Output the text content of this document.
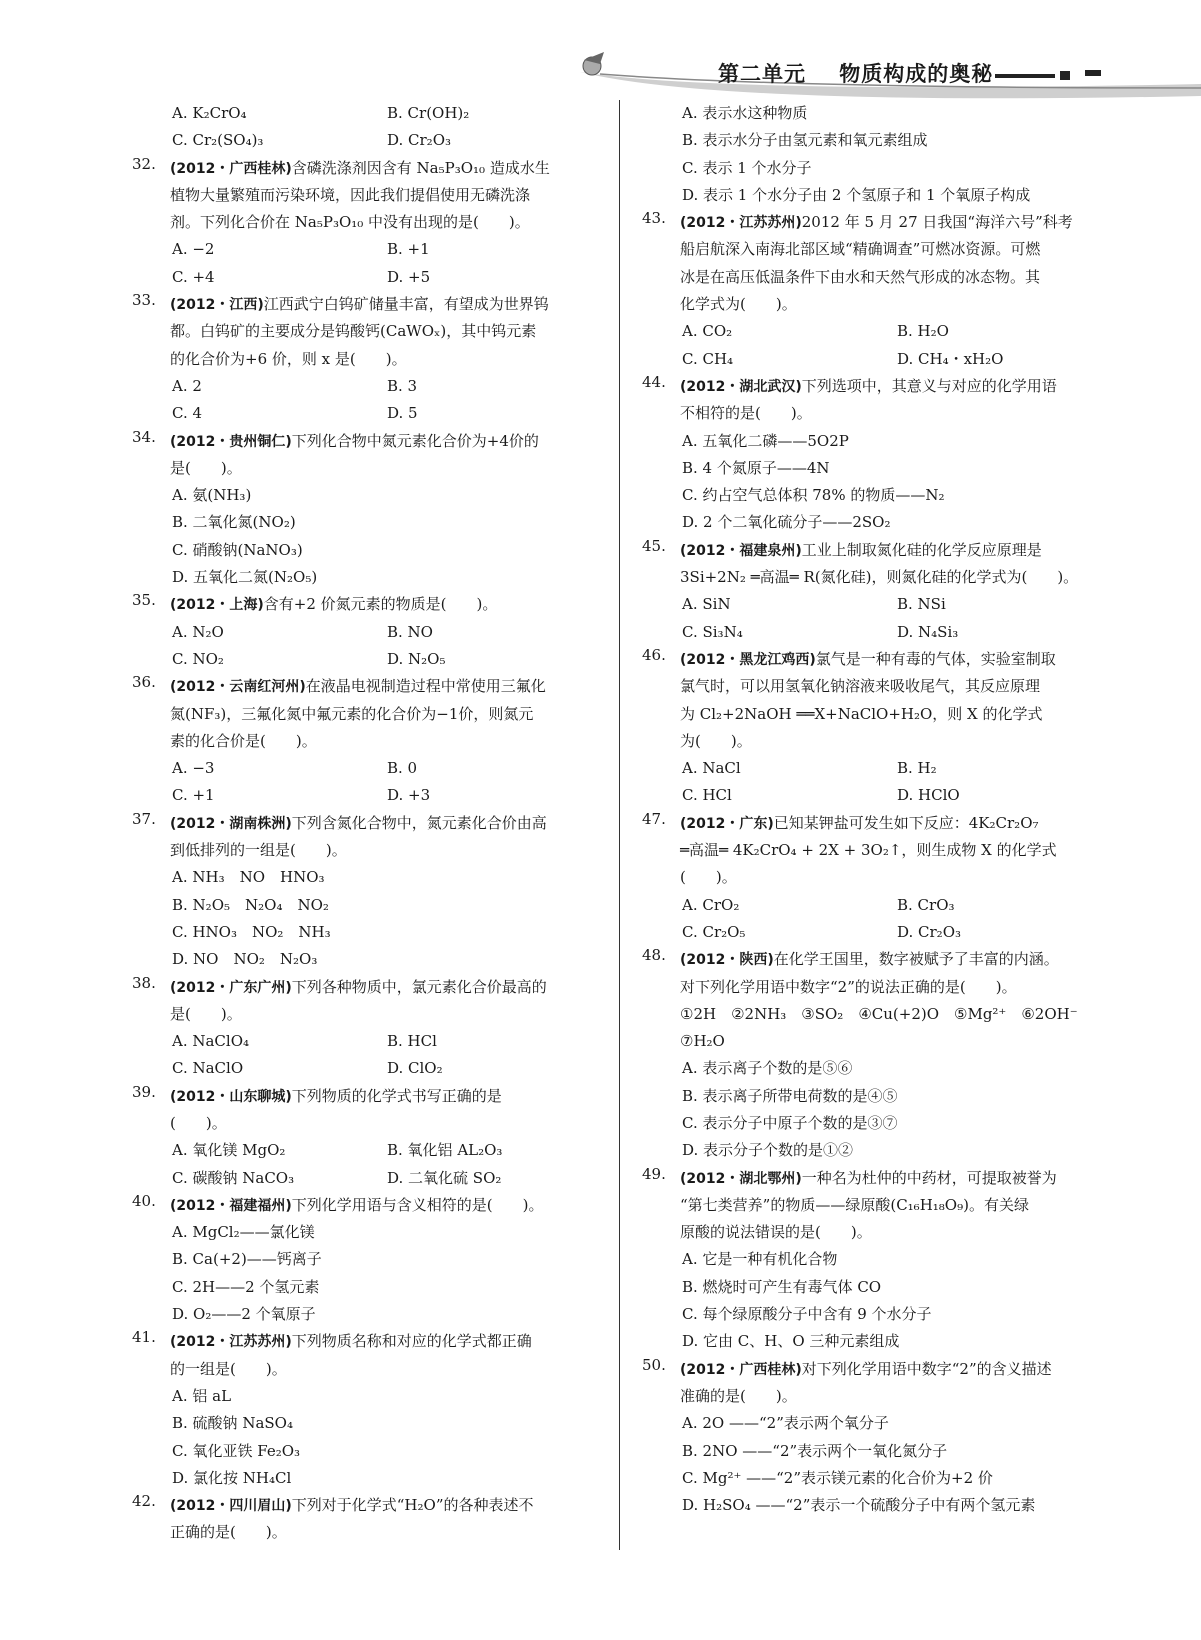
第二单元    物质构成的奥秘
A. K₂CrO₄	B. Cr(OH)₂
C. Cr₂(SO₄)₃	D. Cr₂O₃
32.	(2012・广西桂林)含磷洗涤剂因含有 Na₅P₃O₁₀ 造成水生
植物大量繁殖而污染环境，因此我们提倡使用无磷洗涤
剂。下列化合价在 Na₅P₃O₁₀ 中没有出现的是(　　)。
A. −2	B. +1
C. +4	D. +5
33.	(2012・江西)江西武宁白钨矿储量丰富，有望成为世界钨
都。白钨矿的主要成分是钨酸钙(CaWOₓ)，其中钨元素
的化合价为+6 价，则 x 是(　　)。
A. 2	B. 3
C. 4	D. 5
34.	(2012・贵州铜仁)下列化合物中氮元素化合价为+4价的
是(　　)。
A. 氨(NH₃)
B. 二氧化氮(NO₂)
C. 硝酸钠(NaNO₃)
D. 五氧化二氮(N₂O₅)
35.	(2012・上海)含有+2 价氮元素的物质是(　　)。
A. N₂O	B. NO
C. NO₂	D. N₂O₅
36.	(2012・云南红河州)在液晶电视制造过程中常使用三氟化
氮(NF₃)，三氟化氮中氟元素的化合价为−1价，则氮元
素的化合价是(　　)。
A. −3	B. 0
C. +1	D. +3
37.	(2012・湖南株洲)下列含氮化合物中，氮元素化合价由高
到低排列的一组是(　　)。
A. NH₃　NO　HNO₃
B. N₂O₅　N₂O₄　NO₂
C. HNO₃　NO₂　NH₃
D. NO　NO₂　N₂O₃
38.	(2012・广东广州)下列各种物质中，氯元素化合价最高的
是(　　)。
A. NaClO₄	B. HCl
C. NaClO	D. ClO₂
39.	(2012・山东聊城)下列物质的化学式书写正确的是
(　　)。
A. 氧化镁 MgO₂	B. 氧化铝 AL₂O₃
C. 碳酸钠 NaCO₃	D. 二氧化硫 SO₂
40.	(2012・福建福州)下列化学用语与含义相符的是(　　)。
A. MgCl₂——氯化镁
B. Ca(+2)——钙离子
C. 2H——2 个氢元素
D. O₂——2 个氧原子
41.	(2012・江苏苏州)下列物质名称和对应的化学式都正确
的一组是(　　)。
A. 铝 aL
B. 硫酸钠 NaSO₄
C. 氧化亚铁 Fe₂O₃
D. 氯化按 NH₄Cl
42.	(2012・四川眉山)下列对于化学式“H₂O”的各种表述不
正确的是(　　)。
A. 表示水这种物质
B. 表示水分子由氢元素和氧元素组成
C. 表示 1 个水分子
D. 表示 1 个水分子由 2 个氢原子和 1 个氧原子构成
43.	(2012・江苏苏州)2012 年 5 月 27 日我国“海洋六号”科考
船启航深入南海北部区域“精确调查”可燃冰资源。可燃
冰是在高压低温条件下由水和天然气形成的冰态物。其
化学式为(　　)。
A. CO₂	B. H₂O
C. CH₄	D. CH₄・xH₂O
44.	(2012・湖北武汉)下列选项中，其意义与对应的化学用语
不相符的是(　　)。
A. 五氧化二磷——5O2P
B. 4 个氮原子——4N
C. 约占空气总体积 78% 的物质——N₂
D. 2 个二氧化硫分子——2SO₂
45.	(2012・福建泉州)工业上制取氮化硅的化学反应原理是
3Si+2N₂ ═高温═ R(氮化硅)，则氮化硅的化学式为(　　)。
A. SiN	B. NSi
C. Si₃N₄	D. N₄Si₃
46.	(2012・黑龙江鸡西)氯气是一种有毒的气体，实验室制取
氯气时，可以用氢氧化钠溶液来吸收尾气，其反应原理
为 Cl₂+2NaOH ══X+NaClO+H₂O，则 X 的化学式
为(　　)。
A. NaCl	B. H₂
C. HCl	D. HClO
47.	(2012・广东)已知某钾盐可发生如下反应：4K₂Cr₂O₇
═高温═ 4K₂CrO₄ + 2X + 3O₂↑，则生成物 X 的化学式
(　　)。
A. CrO₂	B. CrO₃
C. Cr₂O₅	D. Cr₂O₃
48.	(2012・陕西)在化学王国里，数字被赋予了丰富的内涵。
对下列化学用语中数字“2”的说法正确的是(　　)。
①2H　②2NH₃　③SO₂　④Cu(+2)O　⑤Mg²⁺　⑥2OH⁻
⑦H₂O
A. 表示离子个数的是⑤⑥
B. 表示离子所带电荷数的是④⑤
C. 表示分子中原子个数的是③⑦
D. 表示分子个数的是①②
49.	(2012・湖北鄂州)一种名为杜仲的中药材，可提取被誉为
“第七类营养”的物质——绿原酸(C₁₆H₁₈O₉)。有关绿
原酸的说法错误的是(　　)。
A. 它是一种有机化合物
B. 燃烧时可产生有毒气体 CO
C. 每个绿原酸分子中含有 9 个水分子
D. 它由 C、H、O 三种元素组成
50.	(2012・广西桂林)对下列化学用语中数字“2”的含义描述
准确的是(　　)。
A. 2O ——“2”表示两个氧分子
B. 2NO ——“2”表示两个一氧化氮分子
C. Mg²⁺ ——“2”表示镁元素的化合价为+2 价
D. H₂SO₄ ——“2”表示一个硫酸分子中有两个氢元素
